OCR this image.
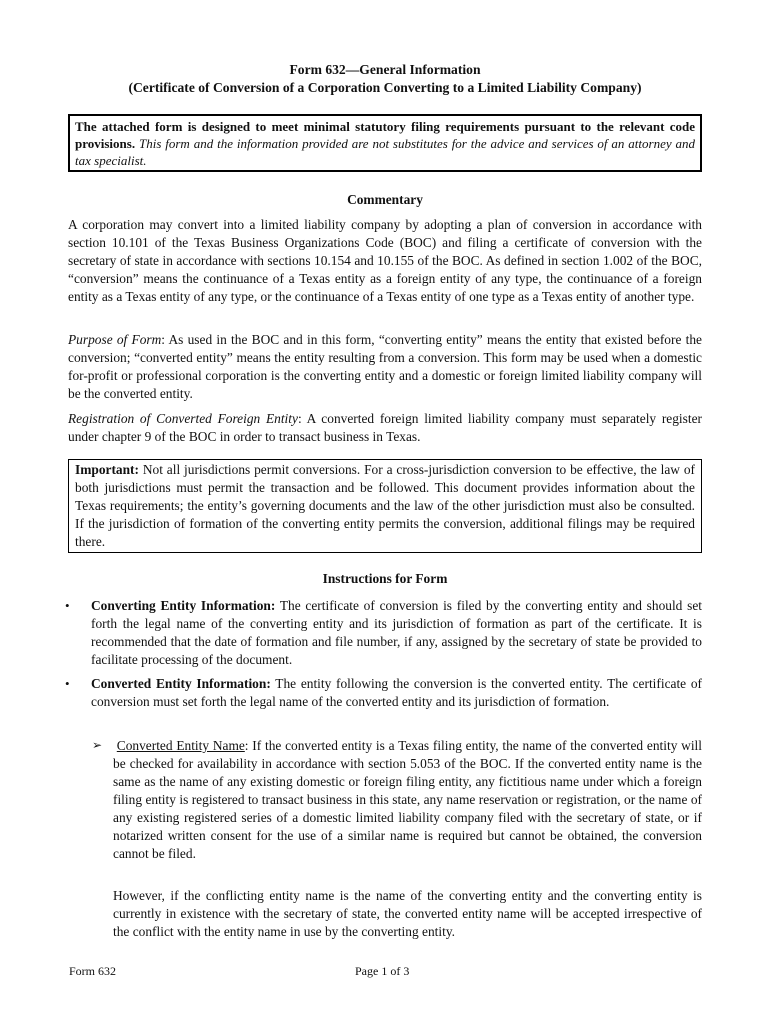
Form 632—General Information
(Certificate of Conversion of a Corporation Converting to a Limited Liability Company)
The attached form is designed to meet minimal statutory filing requirements pursuant to the relevant code provisions. This form and the information provided are not substitutes for the advice and services of an attorney and tax specialist.
Commentary
A corporation may convert into a limited liability company by adopting a plan of conversion in accordance with section 10.101 of the Texas Business Organizations Code (BOC) and filing a certificate of conversion with the secretary of state in accordance with sections 10.154 and 10.155 of the BOC. As defined in section 1.002 of the BOC, “conversion” means the continuance of a Texas entity as a foreign entity of any type, the continuance of a foreign entity as a Texas entity of any type, or the continuance of a Texas entity of one type as a Texas entity of another type.
Purpose of Form: As used in the BOC and in this form, “converting entity” means the entity that existed before the conversion; “converted entity” means the entity resulting from a conversion. This form may be used when a domestic for-profit or professional corporation is the converting entity and a domestic or foreign limited liability company will be the converted entity.
Registration of Converted Foreign Entity: A converted foreign limited liability company must separately register under chapter 9 of the BOC in order to transact business in Texas.
Important: Not all jurisdictions permit conversions. For a cross-jurisdiction conversion to be effective, the law of both jurisdictions must permit the transaction and be followed. This document provides information about the Texas requirements; the entity’s governing documents and the law of the other jurisdiction must also be consulted. If the jurisdiction of formation of the converting entity permits the conversion, additional filings may be required there.
Instructions for Form
•	Converting Entity Information: The certificate of conversion is filed by the converting entity and should set forth the legal name of the converting entity and its jurisdiction of formation as part of the certificate. It is recommended that the date of formation and file number, if any, assigned by the secretary of state be provided to facilitate processing of the document.
•	Converted Entity Information: The entity following the conversion is the converted entity. The certificate of conversion must set forth the legal name of the converted entity and its jurisdiction of formation.
➢ Converted Entity Name: If the converted entity is a Texas filing entity, the name of the converted entity will be checked for availability in accordance with section 5.053 of the BOC. If the converted entity name is the same as the name of any existing domestic or foreign filing entity, any fictitious name under which a foreign filing entity is registered to transact business in this state, any name reservation or registration, or the name of any existing registered series of a domestic limited liability company filed with the secretary of state, or if notarized written consent for the use of a similar name is required but cannot be obtained, the conversion cannot be filed.
However, if the conflicting entity name is the name of the converting entity and the converting entity is currently in existence with the secretary of state, the converted entity name will be accepted irrespective of the conflict with the entity name in use by the converting entity.
Form 632	Page 1 of 3
